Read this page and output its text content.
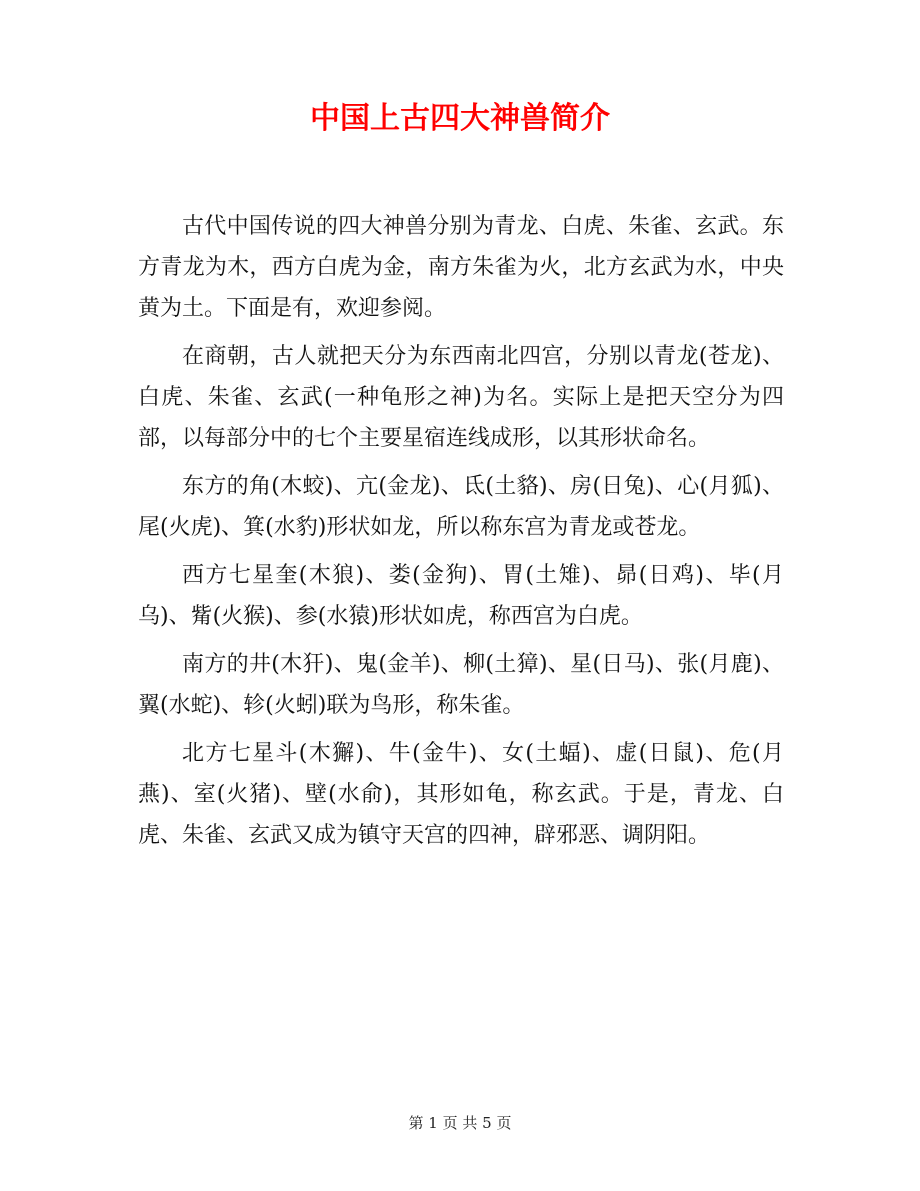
中国上古四大神兽简介

古代中国传说的四大神兽分别为青龙、白虎、朱雀、玄武。东方青龙为木，西方白虎为金，南方朱雀为火，北方玄武为水，中央黄为土。下面是有，欢迎参阅。

在商朝，古人就把天分为东西南北四宫，分别以青龙(苍龙)、白虎、朱雀、玄武(一种龟形之神)为名。实际上是把天空分为四部，以每部分中的七个主要星宿连线成形，以其形状命名。

东方的角(木蛟)、亢(金龙)、氐(土貉)、房(日兔)、心(月狐)、尾(火虎)、箕(水豹)形状如龙，所以称东宫为青龙或苍龙。

西方七星奎(木狼)、娄(金狗)、胃(土雉)、昴(日鸡)、毕(月乌)、觜(火猴)、参(水猿)形状如虎，称西宫为白虎。

南方的井(木犴)、鬼(金羊)、柳(土獐)、星(日马)、张(月鹿)、翼(水蛇)、轸(火蚓)联为鸟形，称朱雀。

北方七星斗(木獬)、牛(金牛)、女(土蝠)、虚(日鼠)、危(月燕)、室(火猪)、壁(水俞)，其形如龟，称玄武。于是，青龙、白虎、朱雀、玄武又成为镇守天宫的四神，辟邪恶、调阴阳。

第 1 页 共 5 页
